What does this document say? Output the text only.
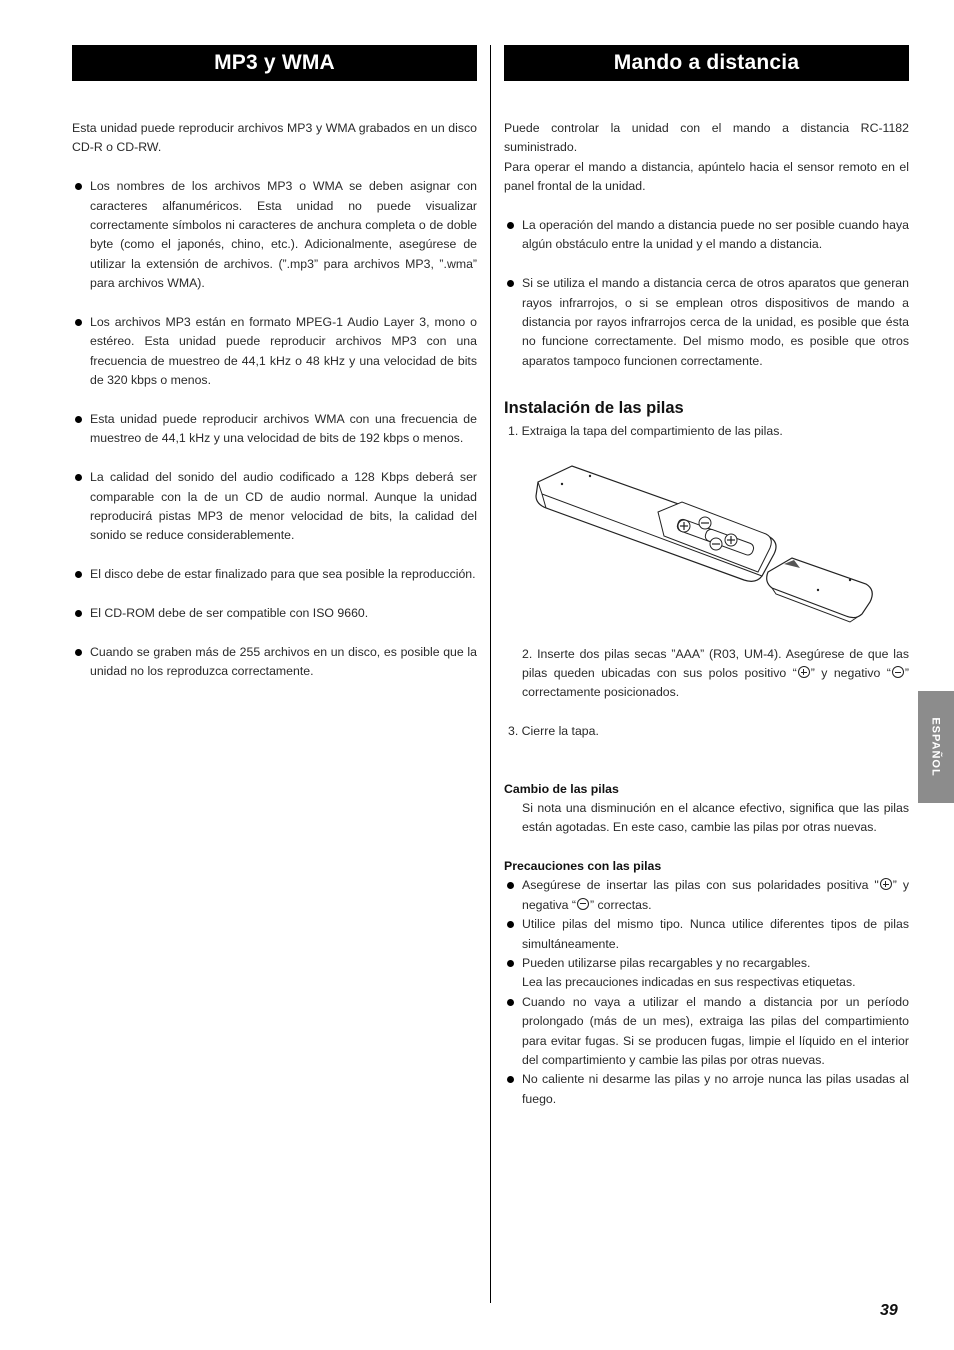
MP3 y WMA

Esta unidad puede reproducir archivos MP3 y WMA grabados en un disco CD-R o CD-RW.

Los nombres de los archivos MP3 o WMA se deben asignar con caracteres alfanuméricos. Esta unidad no puede visualizar correctamente símbolos ni caracteres de anchura completa o de doble byte (como el japonés, chino, etc.). Adicionalmente, asegúrese de utilizar la extensión de archivos. (”.mp3” para archivos MP3, ”.wma” para archivos WMA).
Los archivos MP3 están en formato MPEG-1 Audio Layer 3, mono o estéreo. Esta unidad puede reproducir archivos MP3 con una frecuencia de muestreo de 44,1 kHz o 48 kHz y una velocidad de bits de 320 kbps o menos.
Esta unidad puede reproducir archivos WMA con una frecuencia de muestreo de 44,1 kHz y una velocidad de bits de 192 kbps o menos.
La calidad del sonido del audio codificado a 128 Kbps deberá ser comparable con la de un CD de audio normal. Aunque la unidad reproducirá pistas MP3 de menor velocidad de bits, la calidad del sonido se reduce considerablemente.
El disco debe de estar finalizado para que sea posible la reproducción.
El CD-ROM debe de ser compatible con ISO 9660.
Cuando se graben más de 255 archivos en un disco, es posible que la unidad no los reproduzca correctamente.
Mando a distancia

Puede controlar la unidad con el mando a distancia RC-1182 suministrado.

Para operar el mando a distancia, apúntelo hacia el sensor remoto en el panel frontal de la unidad.

La operación del mando a distancia puede no ser posible cuando haya algún obstáculo entre la unidad y el mando a distancia.
Si se utiliza el mando a distancia cerca de otros aparatos que generan rayos infrarrojos, o si se emplean otros dispositivos de mando a distancia por rayos infrarrojos cerca de la unidad, es posible que ésta no funcione correctamente. Del mismo modo, es posible que otros aparatos tampoco funcionen correctamente.
Instalación de las pilas

1. Extraiga la tapa del compartimiento de las pilas.

2. Inserte dos pilas secas ”AAA” (R03, UM-4). Asegúrese de que las pilas queden ubicadas con sus polos positivo “ ” y negativo “ ” correctamente posicionados.

3. Cierre la tapa.

Cambio de las pilas

Si nota una disminución en el alcance efectivo, significa que las pilas están agotadas. En este caso, cambie las pilas por otras nuevas.

Precauciones con las pilas

Asegúrese de insertar las pilas con sus polaridades positiva " ” y negativa “ ” correctas.
Utilice pilas del mismo tipo. Nunca utilice diferentes tipos de pilas simultáneamente.
Pueden utilizarse pilas recargables y no recargables.
Lea las precauciones indicadas en sus respectivas etiquetas.
Cuando no vaya a utilizar el mando a distancia por un período prolongado (más de un mes), extraiga las pilas del compartimiento para evitar fugas. Si se producen fugas, limpie el líquido en el interior del compartimiento y cambie las pilas por otras nuevas.
No caliente ni desarme las pilas y no arroje nunca las pilas usadas al fuego.
ESPAÑOL
39
